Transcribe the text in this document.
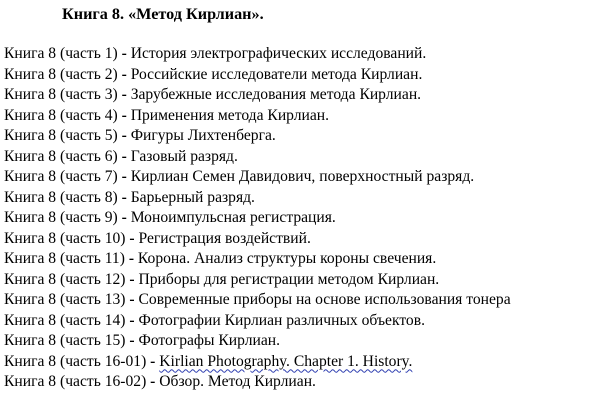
Книга 8. «Метод Кирлиан».
Книга 8 (часть 1) - История электрографических исследований.
Книга 8 (часть 2) - Российские исследователи метода Кирлиан.
Книга 8 (часть 3) - Зарубежные исследования метода Кирлиан.
Книга 8 (часть 4) - Применения метода Кирлиан.
Книга 8 (часть 5) - Фигуры Лихтенберга.
Книга 8 (часть 6) - Газовый разряд.
Книга 8 (часть 7) - Кирлиан Семен Давидович, поверхностный разряд.
Книга 8 (часть 8) - Барьерный разряд.
Книга 8 (часть 9) - Моноимпульсная регистрация.
Книга 8 (часть 10) - Регистрация воздействий.
Книга 8 (часть 11) - Корона. Анализ структуры короны свечения.
Книга 8 (часть 12) - Приборы для регистрации методом Кирлиан.
Книга 8 (часть 13) - Современные приборы на основе использования тонера
Книга 8 (часть 14) - Фотографии Кирлиан различных объектов.
Книга 8 (часть 15) - Фотографы Кирлиан.
Книга 8 (часть 16-01) - Kirlian Photography. Chapter 1. History.
Книга 8 (часть 16-02) - Обзор. Метод Кирлиан.
